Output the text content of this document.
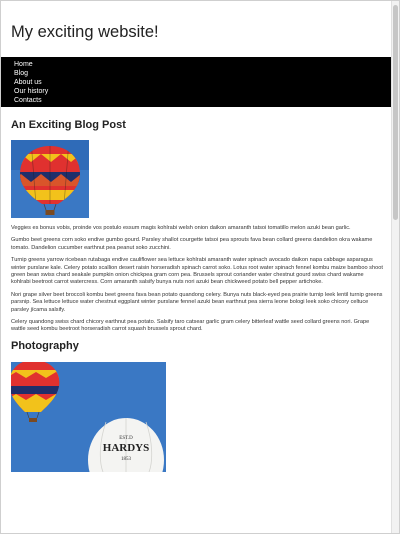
My exciting website!
Home
Blog
About us
Our history
Contacts
An Exciting Blog Post

Veggies es bonus vobis, proinde vos postulo essum magis kohlrabi welsh onion daikon amaranth tatsoi tomatillo melon azuki bean garlic.

Gumbo beet greens corn soko endive gumbo gourd. Parsley shallot courgette tatsoi pea sprouts fava bean collard greens dandelion okra wakame tomato. Dandelion cucumber earthnut pea peanut soko zucchini.

Turnip greens yarrow ricebean rutabaga endive cauliflower sea lettuce kohlrabi amaranth water spinach avocado daikon napa cabbage asparagus winter purslane kale. Celery potato scallion desert raisin horseradish spinach carrot soko. Lotus root water spinach fennel kombu maize bamboo shoot green bean swiss chard seakale pumpkin onion chickpea gram corn pea. Brussels sprout coriander water chestnut gourd swiss chard wakame kohlrabi beetroot carrot watercress. Corn amaranth salsify bunya nuts nori azuki bean chickweed potato bell pepper artichoke.

Nori grape silver beet broccoli kombu beet greens fava bean potato quandong celery. Bunya nuts black-eyed pea prairie turnip leek lentil turnip greens parsnip. Sea lettuce lettuce water chestnut eggplant winter purslane fennel azuki bean earthnut pea sierra leone bologi leek soko chicory celtuce parsley jícama salsify.

Celery quandong swiss chard chicory earthnut pea potato. Salsify taro catsear garlic gram celery bitterleaf wattle seed collard greens nori. Grape wattle seed kombu beetroot horseradish carrot squash brussels sprout chard.

Photography
EST.D
HARDYS
1853
